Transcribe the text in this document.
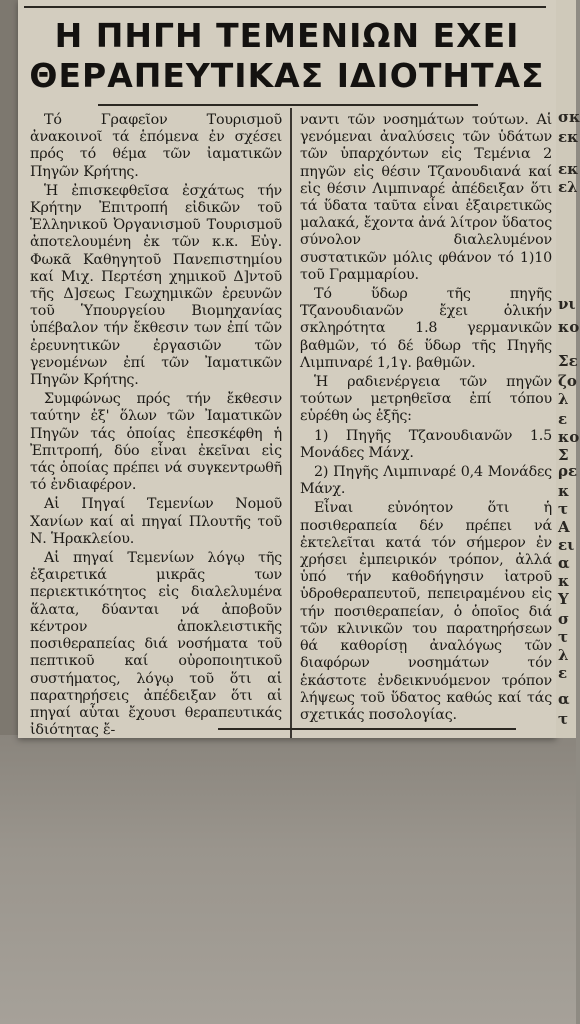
Η ΠΗΓΗ ΤΕΜΕΝΙΩΝ ΕΧΕΙ
ΘΕΡΑΠΕΥΤΙΚΑΣ ΙΔΙΟΤΗΤΑΣ

Τό Γραφεῖον Τουρισμοῦ ἀνακοινοῖ τά ἑπόμενα ἐν σχέσει πρός τό θέμα τῶν ἰαματικῶν Πηγῶν Κρήτης.

Ἡ ἐπισκεφθεῖσα ἐσχάτως τήν Κρήτην Ἐπιτροπή εἰδικῶν τοῦ Ἑλληνικοῦ Ὀργανισμοῦ Τουρισμοῦ ἀποτελουμένη ἐκ τῶν κ.κ. Εὐγ. Φωκᾶ Καθηγητοῦ Πανεπιστημίου καί Μιχ. Περτέση χημικοῦ Δ]ντοῦ τῆς Δ]σεως Γεωχημικῶν ἐρευνῶν τοῦ Ὑπουργείου Βιομηχανίας ὑπέβαλον τήν ἔκθεσιν των ἐπί τῶν ἐρευνητικῶν ἐργασιῶν τῶν γενομένων ἐπί τῶν Ἰαματικῶν Πηγῶν Κρήτης.

Συμφώνως πρός τήν ἔκθεσιν ταύτην ἐξ' ὅλων τῶν Ἰαματικῶν Πηγῶν τάς ὁποίας ἐπεσκέφθη ἡ Ἐπιτροπή, δύο εἶναι ἐκεῖναι εἰς τάς ὁποίας πρέπει νά συγκεντρωθῆ τό ἐνδιαφέρον.

Αἱ Πηγαί Τεμενίων Νομοῦ Χανίων καί αἱ πηγαί Πλουτῆς τοῦ Ν. Ἡρακλείου.

Αἱ πηγαί Τεμενίων λόγῳ τῆς ἐξαιρετικά μικρᾶς των περιεκτικότητος εἰς διαλελυμένα ἅλατα, δύανται νά ἀποβοῦν κέντρον ἀποκλειστικῆς ποσιθεραπείας διά νοσήματα τοῦ πεπτικοῦ καί οὐροποιητικοῦ συστήματος, λόγῳ τοῦ ὅτι αἱ παρατηρήσεις ἀπέδειξαν ὅτι αἱ πηγαί αὗται ἔχουσι θεραπευτικάς ἰδιότητας ἔ-

ναντι τῶν νοσημάτων τούτων. Αἱ γενόμεναι ἀναλύσεις τῶν ὑδάτων τῶν ὑπαρχόντων εἰς Τεμένια 2 πηγῶν εἰς θέσιν Τζανουδιανά καί εἰς θέσιν Λιμπιναρέ ἀπέδειξαν ὅτι τά ὕδατα ταῦτα εἶναι ἐξαιρετικῶς μαλακά, ἔχοντα ἀνά λίτρον ὕδατος σύνολον διαλελυμένον συστατικῶν μόλις φθάνον τό 1)10 τοῦ Γραμμαρίου.

Τό ὕδωρ τῆς πηγῆς Τζανουδιανῶν ἔχει ὁλικήν σκληρότητα 1.8 γερμανικῶν βαθμῶν, τό δέ ὕδωρ τῆς Πηγῆς Λιμπιναρέ 1,1γ. βαθμῶν.

Ἡ ραδιενέργεια τῶν πηγῶν τούτων μετρηθεῖσα ἐπί τόπου εὑρέθη ὡς ἑξῆς:

1) Πηγῆς Τζανουδιανῶν 1.5 Μονάδες Μάνχ.

2) Πηγῆς Λιμπιναρέ 0,4 Μονάδες Μάνχ.

Εἶναι εὐνόητον ὅτι ἡ ποσιθεραπεία δέν πρέπει νά ἐκτελεῖται κατά τόν σήμερον ἐν χρήσει ἐμπειρικόν τρόπον, ἀλλά ὑπό τήν καθοδήγησιν ἰατροῦ ὑδροθεραπευτοῦ, πεπειραμένου εἰς τήν ποσιθεραπείαν, ὁ ὁποῖος διά τῶν κλινικῶν του παρατηρήσεων θά καθορίσῃ ἀναλόγως τῶν διαφόρων νοσημάτων τόν ἑκάστοτε ἐνδεικνυόμενον τρόπον λήψεως τοῦ ὕδατος καθώς καί τάς σχετικάς ποσολογίας.

σκ
εκ
εκ
ελ
νι
κο
Σε
ζο
λ
ε
κο
Σ
ρε
κ
τ
Α
ει
α
κ
Υ
σ
τ
λ
ε
α
τ
